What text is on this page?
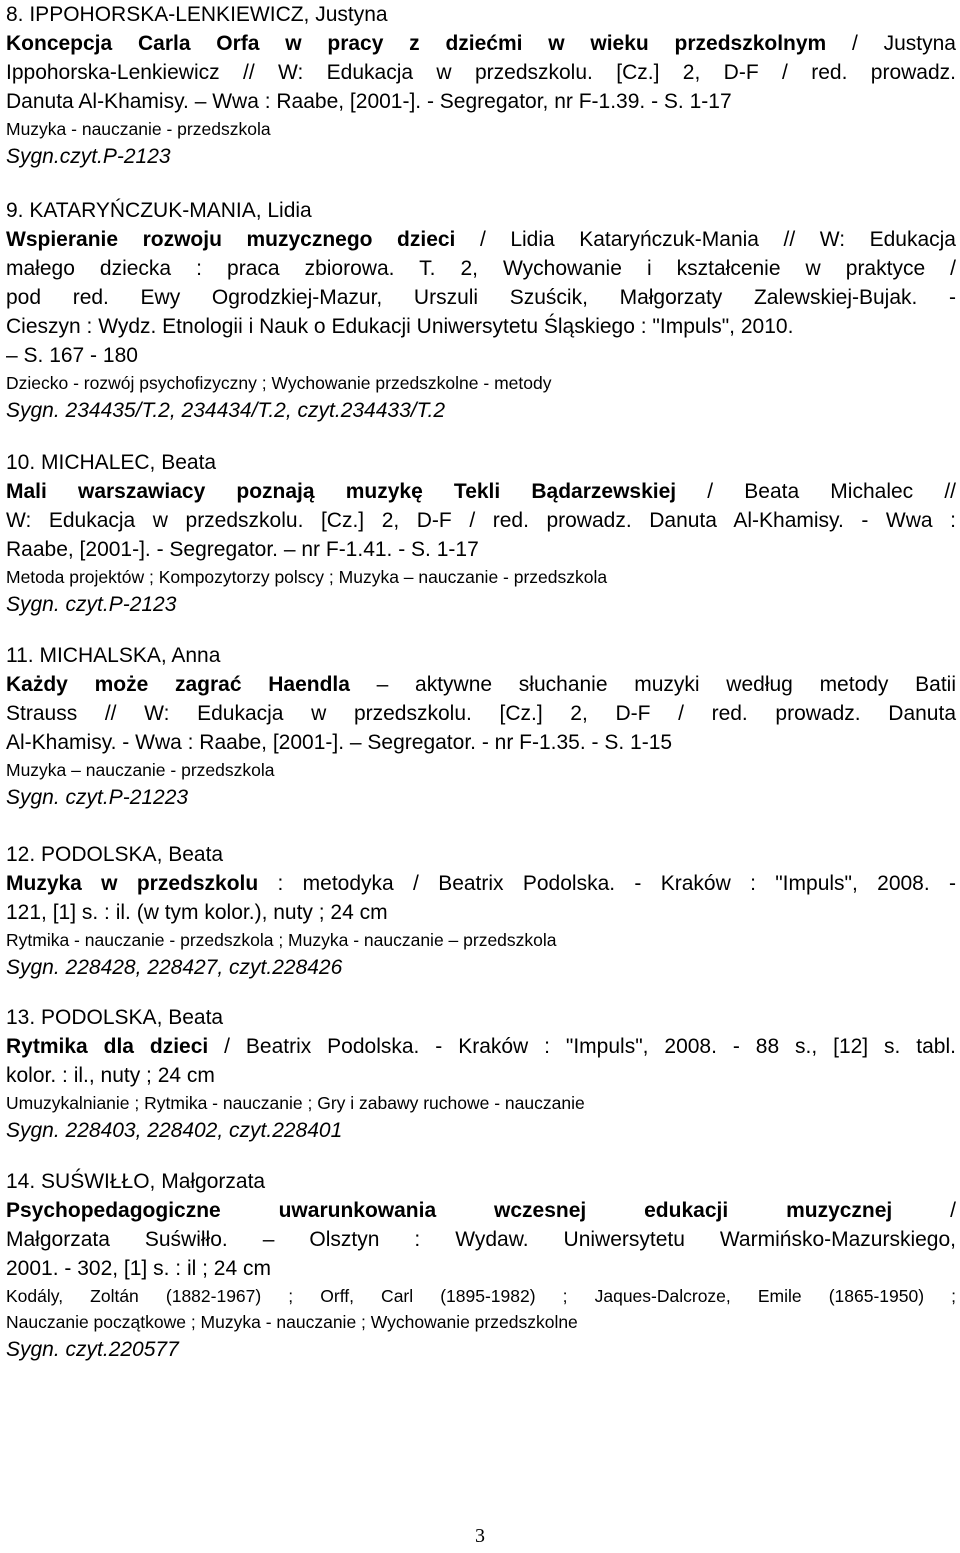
8. IPPOHORSKA-LENKIEWICZ, Justyna
Koncepcja Carla Orfa w pracy z dziećmi w wieku przedszkolnym / Justyna
Ippohorska-Lenkiewicz // W: Edukacja w przedszkolu. [Cz.] 2, D-F / red. prowadz.
Danuta Al-Khamisy. – Wwa : Raabe, [2001-]. - Segregator, nr F-1.39. - S. 1-17
Muzyka - nauczanie - przedszkola
Sygn.czyt.P-2123
9. KATARYŃCZUK-MANIA, Lidia
Wspieranie rozwoju muzycznego dzieci / Lidia Kataryńczuk-Mania // W: Edukacja
małego dziecka : praca zbiorowa. T. 2, Wychowanie i kształcenie w praktyce /
pod red. Ewy Ogrodzkiej-Mazur, Urszuli Szuścik, Małgorzaty Zalewskiej-Bujak. -
Cieszyn : Wydz. Etnologii i Nauk o Edukacji Uniwersytetu Śląskiego : "Impuls", 2010.
– S. 167 - 180
Dziecko - rozwój psychofizyczny ; Wychowanie przedszkolne - metody
Sygn. 234435/T.2, 234434/T.2, czyt.234433/T.2
10. MICHALEC, Beata
Mali warszawiacy poznają muzykę Tekli Bądarzewskiej / Beata Michalec //
W: Edukacja w przedszkolu. [Cz.] 2, D-F / red. prowadz. Danuta Al-Khamisy. - Wwa :
Raabe, [2001-]. - Segregator. – nr F-1.41. - S. 1-17
Metoda projektów ; Kompozytorzy polscy ; Muzyka – nauczanie - przedszkola
Sygn. czyt.P-2123
11. MICHALSKA, Anna
Każdy może zagrać Haendla – aktywne słuchanie muzyki według metody Batii
Strauss // W: Edukacja w przedszkolu. [Cz.] 2, D-F / red. prowadz. Danuta
Al-Khamisy. - Wwa : Raabe, [2001-]. – Segregator. - nr F-1.35. - S. 1-15
Muzyka – nauczanie - przedszkola
Sygn. czyt.P-21223
12. PODOLSKA, Beata
Muzyka w przedszkolu : metodyka / Beatrix Podolska. - Kraków : "Impuls", 2008. -
121, [1] s. : il. (w tym kolor.), nuty ; 24 cm
Rytmika - nauczanie - przedszkola ; Muzyka - nauczanie – przedszkola
Sygn. 228428, 228427, czyt.228426
13. PODOLSKA, Beata
Rytmika dla dzieci / Beatrix Podolska. - Kraków : "Impuls", 2008. - 88 s., [12] s. tabl.
kolor. : il., nuty ; 24 cm
Umuzykalnianie ; Rytmika - nauczanie ; Gry i zabawy ruchowe - nauczanie
Sygn. 228403, 228402, czyt.228401
14. SUŚWIŁŁO, Małgorzata
Psychopedagogiczne uwarunkowania wczesnej edukacji muzycznej /
Małgorzata Suświłło. – Olsztyn : Wydaw. Uniwersytetu Warmińsko-Mazurskiego,
2001. - 302, [1] s. : il ; 24 cm
Kodály, Zoltán (1882-1967) ; Orff, Carl (1895-1982) ; Jaques-Dalcroze, Emile (1865-1950) ;
Nauczanie początkowe ; Muzyka - nauczanie ; Wychowanie przedszkolne
Sygn. czyt.220577
3
